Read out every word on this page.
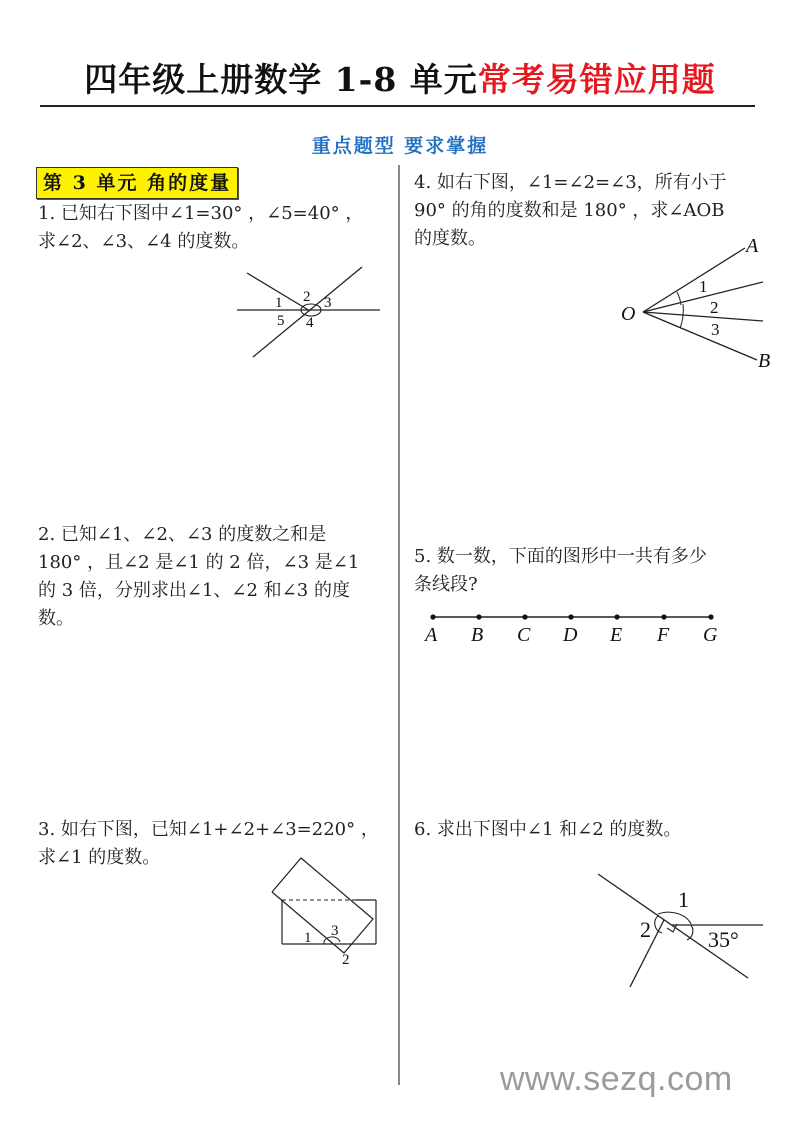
四年级上册数学 1-8 单元常考易错应用题
重点题型 要求掌握
第 3 单元 角的度量
1. 已知右下图中∠1=30° ，∠5=40° ，
求∠2、∠3、∠4 的度数。
1 2 3
4
5
2. 已知∠1、∠2、∠3 的度数之和是
180° ，且∠2 是∠1 的 2 倍，∠3 是∠1
的 3 倍，分别求出∠1、∠2 和∠3 的度
数。
3. 如右下图，已知∠1+∠2+∠3=220° ，
求∠1 的度数。
1 3
2
4. 如右下图，∠1=∠2=∠3，所有小于
90° 的角的度数和是 180° ，求∠AOB
的度数。
O
A
B
1
2
3
5. 数一数，下面的图形中一共有多少
条线段?
A B C D E F G
6. 求出下图中∠1 和∠2 的度数。
1
2	35°
www.sezq.com
